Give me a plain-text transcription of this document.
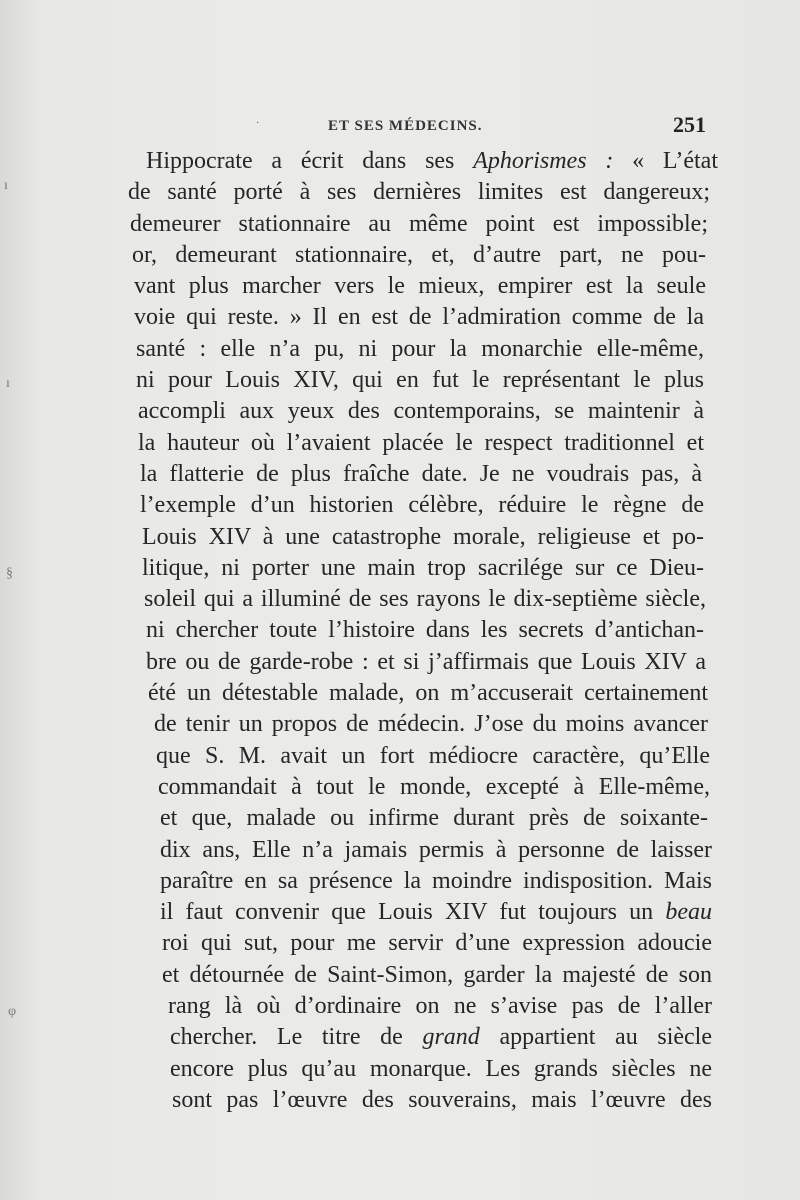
·	ET SES MÉDECINS.	251
Hippocrate a écrit dans ses Aphorismes : « L’état
de santé porté à ses dernières limites est dangereux;
demeurer stationnaire au même point est impossible;
or, demeurant stationnaire, et, d’autre part, ne pou-
vant plus marcher vers le mieux, empirer est la seule
voie qui reste. » Il en est de l’admiration comme de la
santé : elle n’a pu, ni pour la monarchie elle-même,
ni pour Louis XIV, qui en fut le représentant le plus
accompli aux yeux des contemporains, se maintenir à
la hauteur où l’avaient placée le respect traditionnel et
la flatterie de plus fraîche date. Je ne voudrais pas, à
l’exemple d’un historien célèbre, réduire le règne de
Louis XIV à une catastrophe morale, religieuse et po-
litique, ni porter une main trop sacrilége sur ce Dieu-
soleil qui a illuminé de ses rayons le dix-septième siècle,
ni chercher toute l’histoire dans les secrets d’antichan-
bre ou de garde-robe : et si j’affirmais que Louis XIV a
été un détestable malade, on m’accuserait certainement
de tenir un propos de médecin. J’ose du moins avancer
que S. M. avait un fort médiocre caractère, qu’Elle
commandait à tout le monde, excepté à Elle-même,
et que, malade ou infirme durant près de soixante-
dix ans, Elle n’a jamais permis à personne de laisser
paraître en sa présence la moindre indisposition. Mais
il faut convenir que Louis XIV fut toujours un beau
roi qui sut, pour me servir d’une expression adoucie
et détournée de Saint-Simon, garder la majesté de son
rang là où d’ordinaire on ne s’avise pas de l’aller
chercher. Le titre de grand appartient au siècle
encore plus qu’au monarque. Les grands siècles ne
sont pas l’œuvre des souverains, mais l’œuvre des
ı
ı
§
φ
